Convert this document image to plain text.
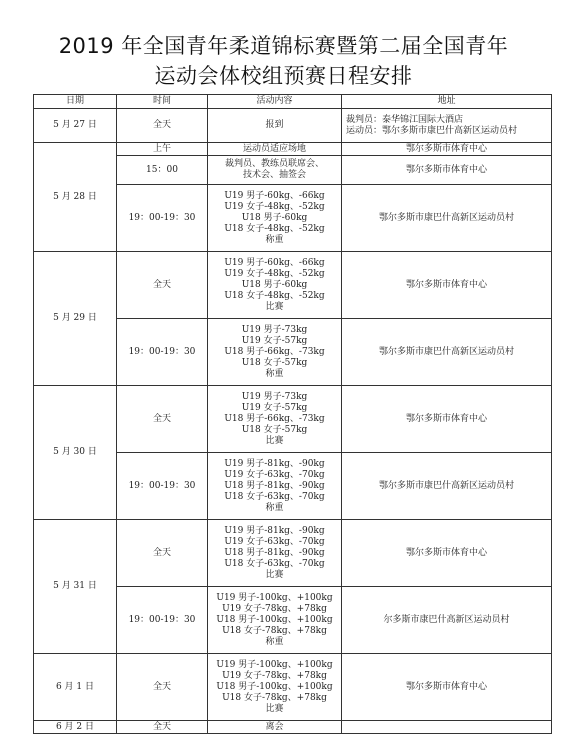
2019 年全国青年柔道锦标赛暨第二届全国青年
运动会体校组预赛日程安排
日期	时间	活动内容	地址
5 月 27 日	全天	报到	裁判员：泰华锦江国际大酒店
运动员：鄂尔多斯市康巴什高新区运动员村
5 月 28 日	上午	运动员适应场地	鄂尔多斯市体育中心
	15：00	裁判员、教练员联席会、
技术会、抽签会	鄂尔多斯市体育中心
	19：00-19：30	U19 男子-60kg、-66kg
U19 女子-48kg、-52kg
U18 男子-60kg
U18 女子-48kg、-52kg
称重	鄂尔多斯市康巴什高新区运动员村
5 月 29 日	全天	U19 男子-60kg、-66kg
U19 女子-48kg、-52kg
U18 男子-60kg
U18 女子-48kg、-52kg
比赛	鄂尔多斯市体育中心
	19：00-19：30	U19 男子-73kg
U19 女子-57kg
U18 男子-66kg、-73kg
U18 女子-57kg
称重	鄂尔多斯市康巴什高新区运动员村
5 月 30 日	全天	U19 男子-73kg
U19 女子-57kg
U18 男子-66kg、-73kg
U18 女子-57kg
比赛	鄂尔多斯市体育中心
	19：00-19：30	U19 男子-81kg、-90kg
U19 女子-63kg、-70kg
U18 男子-81kg、-90kg
U18 女子-63kg、-70kg
称重	鄂尔多斯市康巴什高新区运动员村
5 月 31 日	全天	U19 男子-81kg、-90kg
U19 女子-63kg、-70kg
U18 男子-81kg、-90kg
U18 女子-63kg、-70kg
比赛	鄂尔多斯市体育中心
	19：00-19：30	U19 男子-100kg、+100kg
U19 女子-78kg、+78kg
U18 男子-100kg、+100kg
U18 女子-78kg、+78kg
称重	尔多斯市康巴什高新区运动员村
6 月 1 日	全天	U19 男子-100kg、+100kg
U19 女子-78kg、+78kg
U18 男子-100kg、+100kg
U18 女子-78kg、+78kg
比赛	鄂尔多斯市体育中心
6 月 2 日	全天	离会	
